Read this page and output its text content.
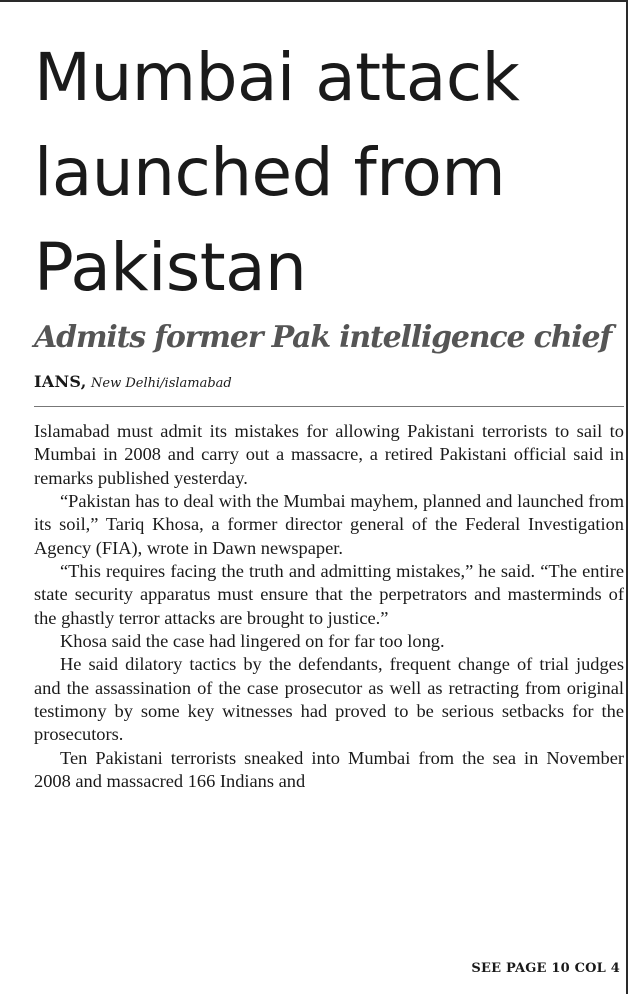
Mumbai attack
launched from
Pakistan
Admits former Pak intelligence chief
IANS, New Delhi/islamabad

Islamabad must admit its mistakes for allowing Pakistani terrorists to sail to Mumbai in 2008 and carry out a massacre, a retired Pakistani official said in remarks published yesterday.

“Pakistan has to deal with the Mumbai mayhem, planned and launched from its soil,” Tariq Khosa, a former director general of the Federal Investigation Agency (FIA), wrote in Dawn newspaper.

“This requires facing the truth and admitting mistakes,” he said. “The entire state security apparatus must ensure that the perpetrators and masterminds of the ghastly terror attacks are brought to justice.”

Khosa said the case had lingered on for far too long.

He said dilatory tactics by the defendants, frequent change of trial judges and the assassination of the case prosecutor as well as retracting from original testimony by some key witnesses had proved to be serious setbacks for the prosecutors.

Ten Pakistani terrorists sneaked into Mumbai from the sea in November 2008 and massacred 166 Indians and

SEE PAGE 10 COL 4
